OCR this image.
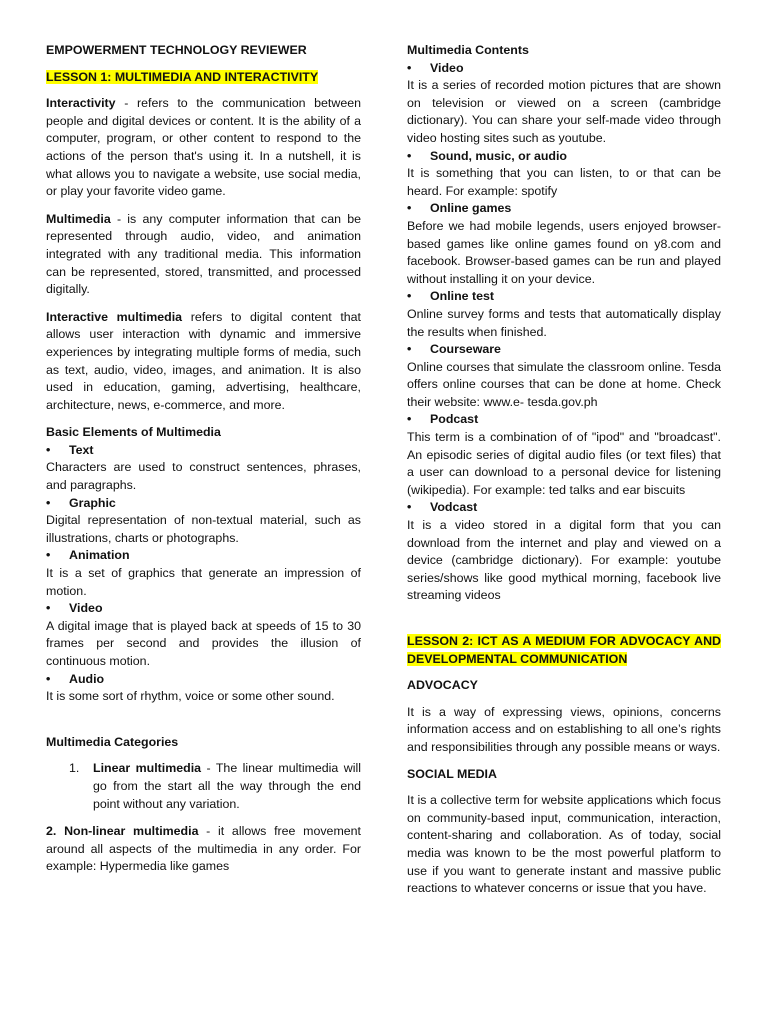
EMPOWERMENT TECHNOLOGY REVIEWER

LESSON 1: MULTIMEDIA AND INTERACTIVITY

Interactivity - refers to the communication between people and digital devices or content. It is the ability of a computer, program, or other content to respond to the actions of the person that's using it. In a nutshell, it is what allows you to navigate a website, use social media, or play your favorite video game.

Multimedia - is any computer information that can be represented through audio, video, and animation integrated with any traditional media. This information can be represented, stored, transmitted, and processed digitally.

Interactive multimedia refers to digital content that allows user interaction with dynamic and immersive experiences by integrating multiple forms of media, such as text, audio, video, images, and animation. It is also used in education, gaming, advertising, healthcare, architecture, news, e-commerce, and more.

Basic Elements of Multimedia

•	Text

Characters are used to construct sentences, phrases, and paragraphs.

•	Graphic

Digital representation of non-textual material, such as illustrations, charts or photographs.

•	Animation

It is a set of graphics that generate an impression of motion.

•	Video

A digital image that is played back at speeds of 15 to 30 frames per second and provides the illusion of continuous motion.

•	Audio

It is some sort of rhythm, voice or some other sound.

Multimedia Categories

1.	Linear multimedia - The linear multimedia will go from the start all the way through the end point without any variation.
2. Non-linear multimedia - it allows free movement around all aspects of the multimedia in any order. For example: Hypermedia like games

Multimedia Contents

•	Video

It is a series of recorded motion pictures that are shown on television or viewed on a screen (cambridge dictionary). You can share your self-made video through video hosting sites such as youtube.

•	Sound, music, or audio

It is something that you can listen, to or that can be heard. For example: spotify

•	Online games

Before we had mobile legends, users enjoyed browser-based games like online games found on y8.com and facebook. Browser-based games can be run and played without installing it on your device.

•	Online test

Online survey forms and tests that automatically display the results when finished.

•	Courseware

Online courses that simulate the classroom online. Tesda offers online courses that can be done at home. Check their website: www.e- tesda.gov.ph

•	Podcast

This term is a combination of of "ipod" and "broadcast". An episodic series of digital audio files (or text files) that a user can download to a personal device for listening (wikipedia). For example: ted talks and ear biscuits

•	Vodcast

It is a video stored in a digital form that you can download from the internet and play and viewed on a device (cambridge dictionary). For example: youtube series/shows like good mythical morning, facebook live streaming videos

LESSON 2: ICT AS A MEDIUM FOR ADVOCACY AND DEVELOPMENTAL COMMUNICATION

ADVOCACY

It is a way of expressing views, opinions, concerns information access and on establishing to all one’s rights and responsibilities through any possible means or ways.

SOCIAL MEDIA

It is a collective term for website applications which focus on community-based input, communication, interaction, content-sharing and collaboration. As of today, social media was known to be the most powerful platform to use if you want to generate instant and massive public reactions to whatever concerns or issue that you have.
